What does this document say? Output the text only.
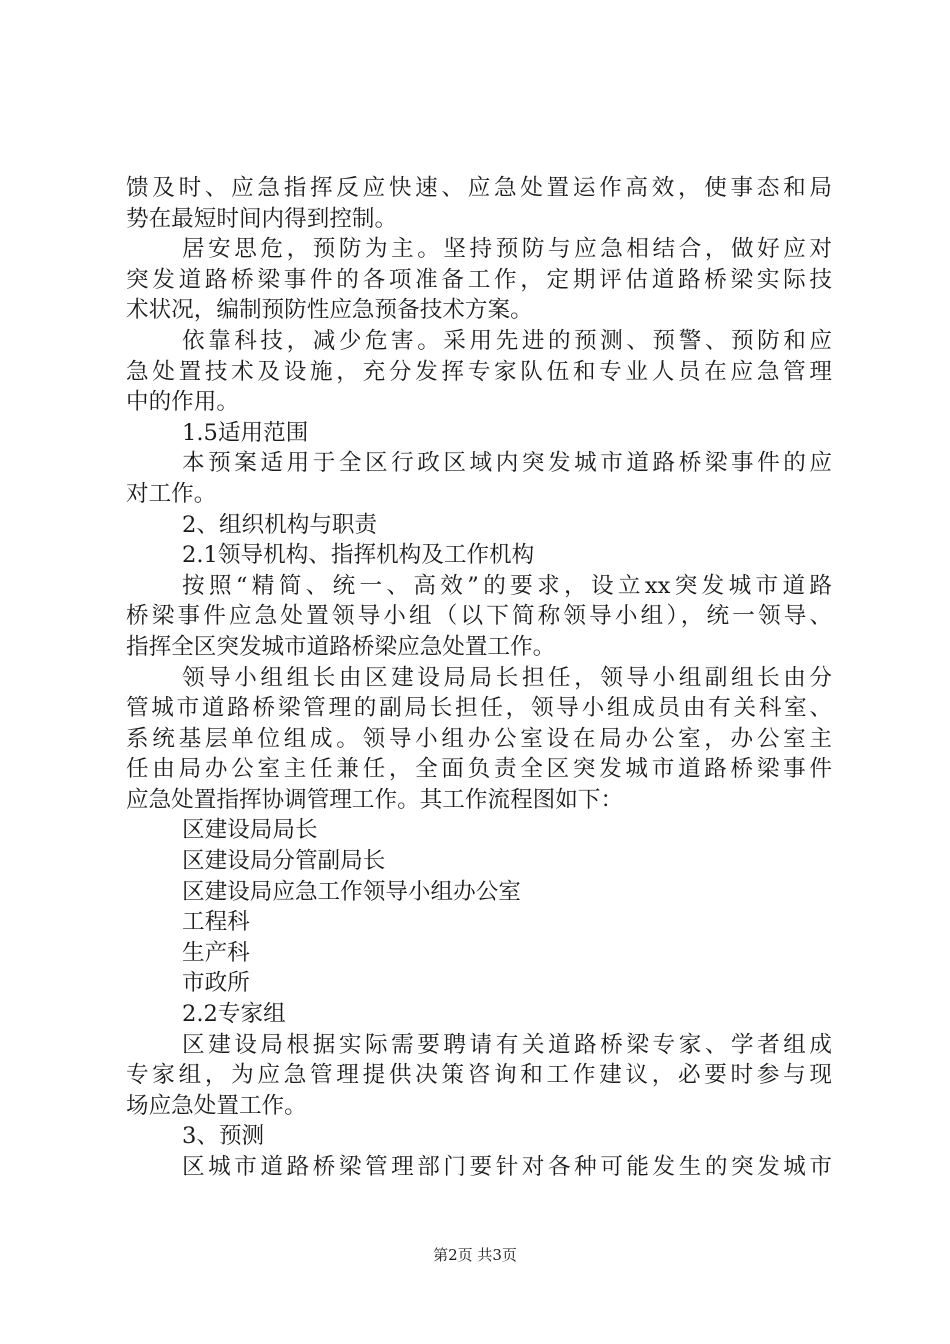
馈及时、应急指挥反应快速、应急处置运作高效，使事态和局
势在最短时间内得到控制。
居安思危，预防为主。坚持预防与应急相结合，做好应对
突发道路桥梁事件的各项准备工作，定期评估道路桥梁实际技
术状况，编制预防性应急预备技术方案。
依靠科技，减少危害。采用先进的预测、预警、预防和应
急处置技术及设施，充分发挥专家队伍和专业人员在应急管理
中的作用。
1.5适用范围
本预案适用于全区行政区域内突发城市道路桥梁事件的应
对工作。
2、组织机构与职责
2.1领导机构、指挥机构及工作机构
按照“精简、统一、高效”的要求，设立xx突发城市道路
桥梁事件应急处置领导小组（以下简称领导小组），统一领导、
指挥全区突发城市道路桥梁应急处置工作。
领导小组组长由区建设局局长担任，领导小组副组长由分
管城市道路桥梁管理的副局长担任，领导小组成员由有关科室、
系统基层单位组成。领导小组办公室设在局办公室，办公室主
任由局办公室主任兼任，全面负责全区突发城市道路桥梁事件
应急处置指挥协调管理工作。其工作流程图如下：
区建设局局长
区建设局分管副局长
区建设局应急工作领导小组办公室
工程科
生产科
市政所
2.2专家组
区建设局根据实际需要聘请有关道路桥梁专家、学者组成
专家组，为应急管理提供决策咨询和工作建议，必要时参与现
场应急处置工作。
3、预测
区城市道路桥梁管理部门要针对各种可能发生的突发城市
第2页 共3页
